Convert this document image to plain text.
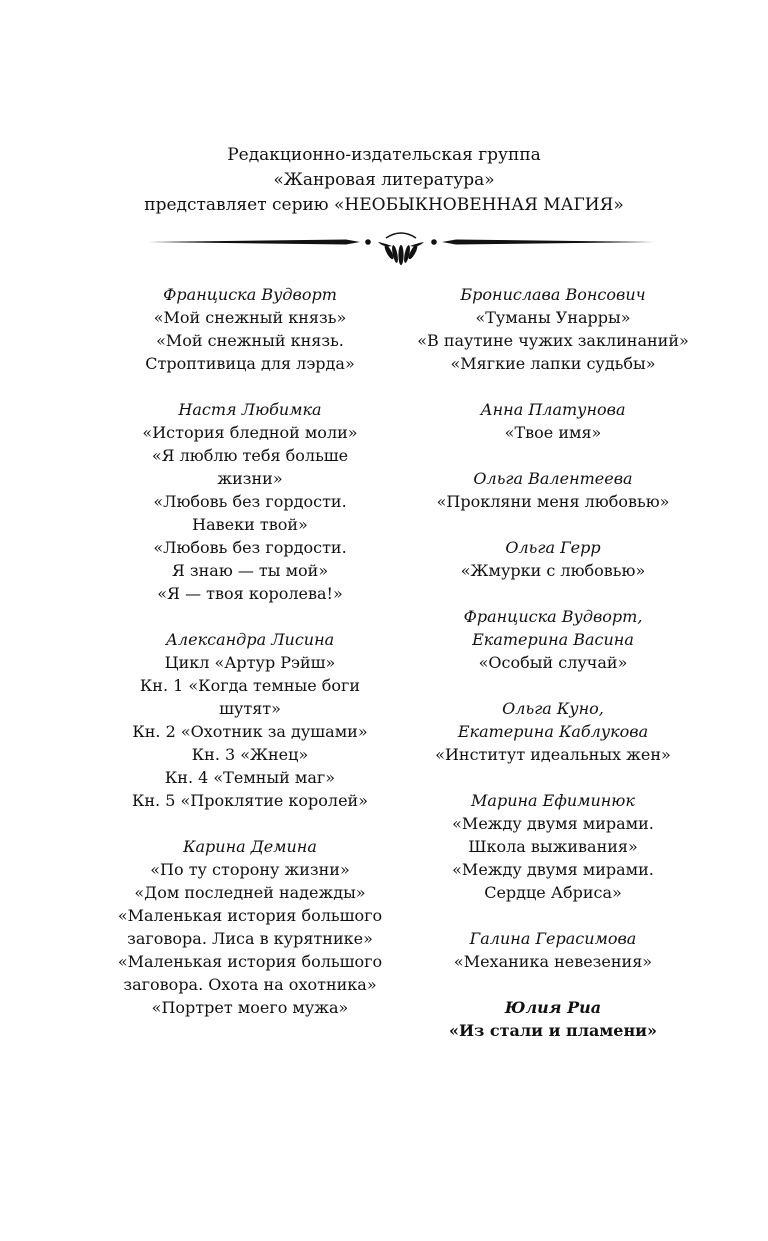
Редакционно-издательская группа
«Жанровая литература»
представляет серию «НЕОБЫКНОВЕННАЯ МАГИЯ»
Франциска Вудворт
«Мой снежный князь»
«Мой снежный князь.
Строптивица для лэрда»
Настя Любимка
«История бледной моли»
«Я люблю тебя больше
жизни»
«Любовь без гордости.
Навеки твой»
«Любовь без гордости.
Я знаю — ты мой»
«Я — твоя королева!»
Александра Лисина
Цикл «Артур Рэйш»
Кн. 1 «Когда темные боги
шутят»
Кн. 2 «Охотник за душами»
Кн. 3 «Жнец»
Кн. 4 «Темный маг»
Кн. 5 «Проклятие королей»
Карина Демина
«По ту сторону жизни»
«Дом последней надежды»
«Маленькая история большого
заговора. Лиса в курятнике»
«Маленькая история большого
заговора. Охота на охотника»
«Портрет моего мужа»
Бронислава Вонсович
«Туманы Унарры»
«В паутине чужих заклинаний»
«Мягкие лапки судьбы»
Анна Платунова
«Твое имя»
Ольга Валентеева
«Прокляни меня любовью»
Ольга Герр
«Жмурки с любовью»
Франциска Вудворт,
Екатерина Васина
«Особый случай»
Ольга Куно,
Екатерина Каблукова
«Институт идеальных жен»
Марина Ефиминюк
«Между двумя мирами.
Школа выживания»
«Между двумя мирами.
Сердце Абриса»
Галина Герасимова
«Механика невезения»
Юлия Риа
«Из стали и пламени»
